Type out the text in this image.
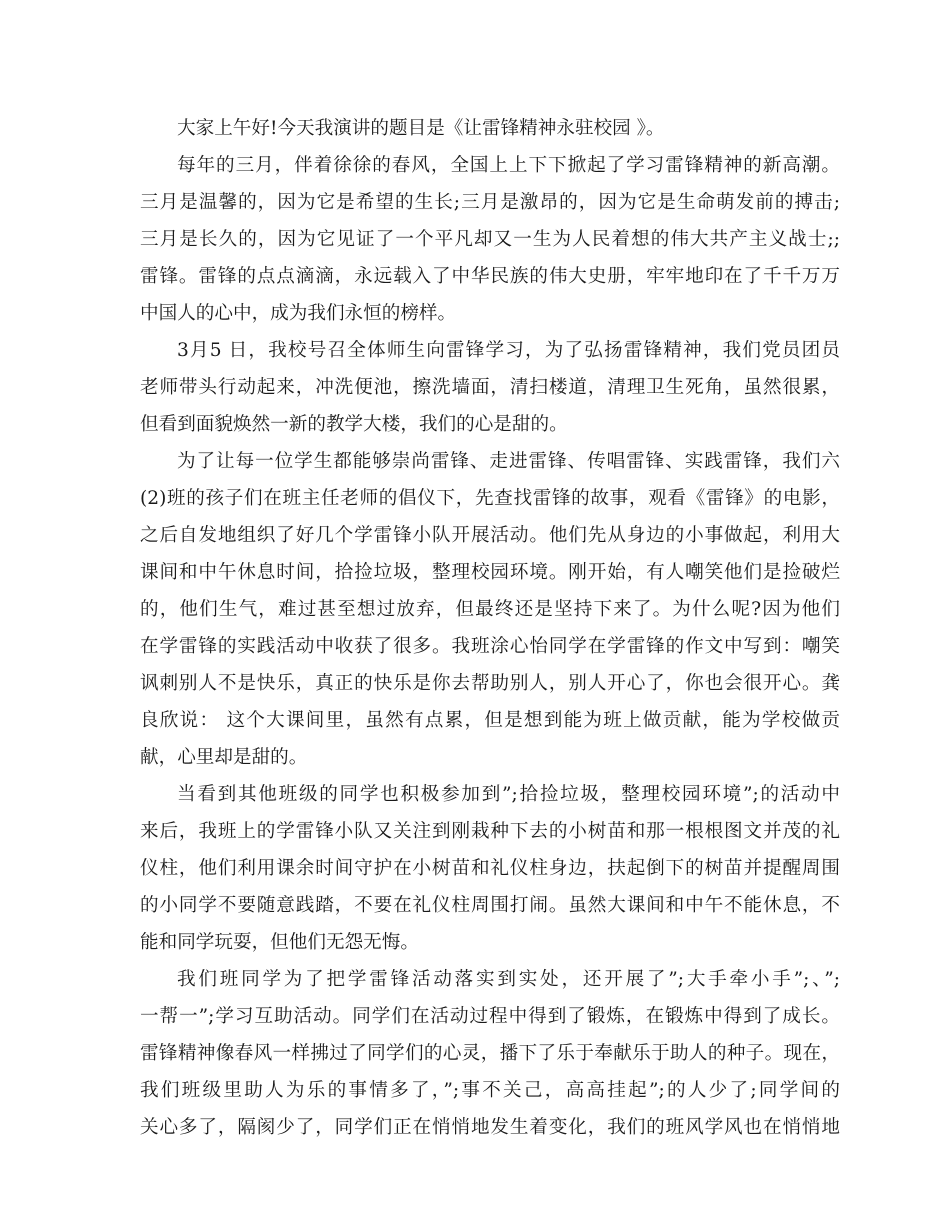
大家上午好!今天我演讲的题目是《让雷锋精神永驻校园 》。
每年的三月，伴着徐徐的春风，全国上上下下掀起了学习雷锋精神的新高潮。
三月是温馨的，因为它是希望的生长;三月是激昂的，因为它是生命萌发前的搏击;
三月是长久的，因为它见证了一个平凡却又一生为人民着想的伟大共产主义战士;;
雷锋。雷锋的点点滴滴，永远载入了中华民族的伟大史册，牢牢地印在了千千万万
中国人的心中，成为我们永恒的榜样。
3月5 日，我校号召全体师生向雷锋学习，为了弘扬雷锋精神，我们党员团员
老师带头行动起来，冲洗便池，擦洗墙面，清扫楼道，清理卫生死角，虽然很累，
但看到面貌焕然一新的教学大楼，我们的心是甜的。
为了让每一位学生都能够崇尚雷锋、走进雷锋、传唱雷锋、实践雷锋，我们六
(2)班的孩子们在班主任老师的倡仪下，先查找雷锋的故事，观看《雷锋》的电影，
之后自发地组织了好几个学雷锋小队开展活动。他们先从身边的小事做起，利用大
课间和中午休息时间，拾捡垃圾，整理校园环境。刚开始，有人嘲笑他们是捡破烂
的，他们生气，难过甚至想过放弃，但最终还是坚持下来了。为什么呢?因为他们
在学雷锋的实践活动中收获了很多。我班涂心怡同学在学雷锋的作文中写到：嘲笑
讽刺别人不是快乐，真正的快乐是你去帮助别人，别人开心了，你也会很开心。龚
良欣说： 这个大课间里，虽然有点累，但是想到能为班上做贡献，能为学校做贡
献，心里却是甜的。
当看到其他班级的同学也积极参加到”;拾捡垃圾，整理校园环境”;的活动中
来后，我班上的学雷锋小队又关注到刚栽种下去的小树苗和那一根根图文并茂的礼
仪柱，他们利用课余时间守护在小树苗和礼仪柱身边，扶起倒下的树苗并提醒周围
的小同学不要随意践踏，不要在礼仪柱周围打闹。虽然大课间和中午不能休息，不
能和同学玩耍，但他们无怨无悔。
我们班同学为了把学雷锋活动落实到实处，还开展了”;大手牵小手”;、”;
一帮一”;学习互助活动。同学们在活动过程中得到了锻炼，在锻炼中得到了成长。
雷锋精神像春风一样拂过了同学们的心灵，播下了乐于奉献乐于助人的种子。现在，
我们班级里助人为乐的事情多了，”;事不关己，高高挂起”;的人少了;同学间的
关心多了，隔阂少了，同学们正在悄悄地发生着变化，我们的班风学风也在悄悄地
